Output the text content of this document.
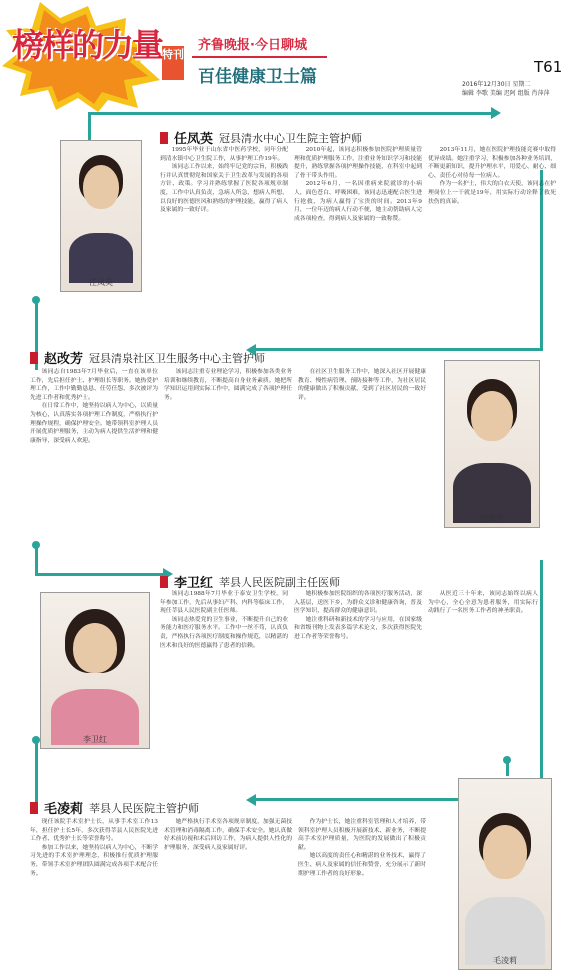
榜样的力量 特刊
齐鲁晚报·今日聊城
百佳健康卫士篇	T61
2016年12月30日 星期二
编辑 李歌 美编 迟阿 组版 肖萍萍
任凤英 冠县清水中心卫生院主管护师
任凤英

1995年毕业于山东省中医药学校，同年分配到清水镇中心卫生院工作，从事护理工作19年。

该同志工作以来，始终牢记党的宗旨，积极践行并认真贯彻党和国家关于卫生改革与发展的各项方针、政策。学习并熟练掌握了医院各项规章制度，工作中认真负责，急病人所急，想病人所想，以良好的医德医风和熟练的护理技能，赢得了病人及家属的一致好评。

2010年起，该同志积极参加医院护理质量管理和优质护理服务工作，注重业务知识学习和技能提升，熟练掌握各项护理操作技能，在科室中起到了骨干带头作用。

2012年6月，一名因重病来院就诊的小病人，面色苍白、呼吸困难，该同志迅速配合医生进行抢救，为病人赢得了宝贵的时间。2013年9月，一位年迈的病人行动不便，她主动帮助病人完成各项检查，得到病人及家属的一致称赞。

2013年11月，她在医院护理技能竞赛中取得优异成绩。她注重学习，积极参加各种业务培训，不断更新知识，提升护理水平，用爱心、耐心、细心、责任心对待每一位病人。

作为一名护士，伟大的白衣天使，该同志在护理岗位上一干就是19年，用实际行动诠释了救死扶伤的真谛。

赵改芳 冠县清泉社区卫生服务中心主管护师

该同志自1983年7月毕业后，一直在该单位工作，先后担任护士、护理组长等职务。她热爱护理工作，工作中勤勤恳恳、任劳任怨，多次被评为先进工作者和优秀护士。

在日常工作中，她坚持以病人为中心，以质量为核心，认真落实各项护理工作制度，严格执行护理操作规程，确保护理安全。她带领科室护理人员开展优质护理服务，主动为病人提供生活护理和健康指导，深受病人欢迎。

该同志注重专业理论学习，积极参加各类业务培训和继续教育，不断提高自身业务素质。她把所学知识运用到实际工作中，圆满完成了各项护理任务。

在社区卫生服务工作中，她深入社区开展健康教育、慢性病管理、预防接种等工作，为社区居民的健康做出了积极贡献，受到了社区居民的一致好评。

赵改芳
李卫红 莘县人民医院副主任医师
李卫红

该同志1988年7月毕业于泰安卫生学校，同年参加工作，先后从事妇产科、内科等临床工作，现任莘县人民医院副主任医师。

该同志热爱党的卫生事业，不断提升自己的业务能力和医疗服务水平。工作中一丝不苟，认真负责，严格执行各项医疗制度和操作规范，以精湛的医术和良好的医德赢得了患者的信赖。

她积极参加医院组织的各项医疗服务活动，深入基层，送医下乡，为群众义诊和健康咨询，普及医学知识，提高群众的健康意识。

她注重科研和新技术的学习与应用，在国家级和省级刊物上发表多篇学术论文，多次获得医院先进工作者等荣誉称号。

从医近三十年来，该同志始终以病人为中心，全心全意为患者服务，用实际行动践行了一名医务工作者的神圣职责。

毛凌莉 莘县人民医院主管护师

现任该院手术室护士长，从事手术室工作13年，担任护士长5年，多次获得莘县人民医院先进工作者、优秀护士长等荣誉称号。

参加工作以来，她坚持以病人为中心，不断学习先进的手术室护理理念，积极推行优质护理服务，带领手术室护理团队圆满完成各项手术配合任务。

她严格执行手术室各项规章制度，加强无菌技术管理和消毒隔离工作，确保手术安全。她认真做好术前访视和术后回访工作，为病人提供人性化的护理服务，深受病人及家属好评。

作为护士长，她注重科室管理和人才培养，带领科室护理人员积极开展新技术、新业务，不断提高手术室护理质量，为医院的发展做出了积极贡献。

她以高度的责任心和精湛的业务技术，赢得了医生、病人及家属的信任和赞誉，充分展示了新时期护理工作者的良好形象。

毛凌莉
